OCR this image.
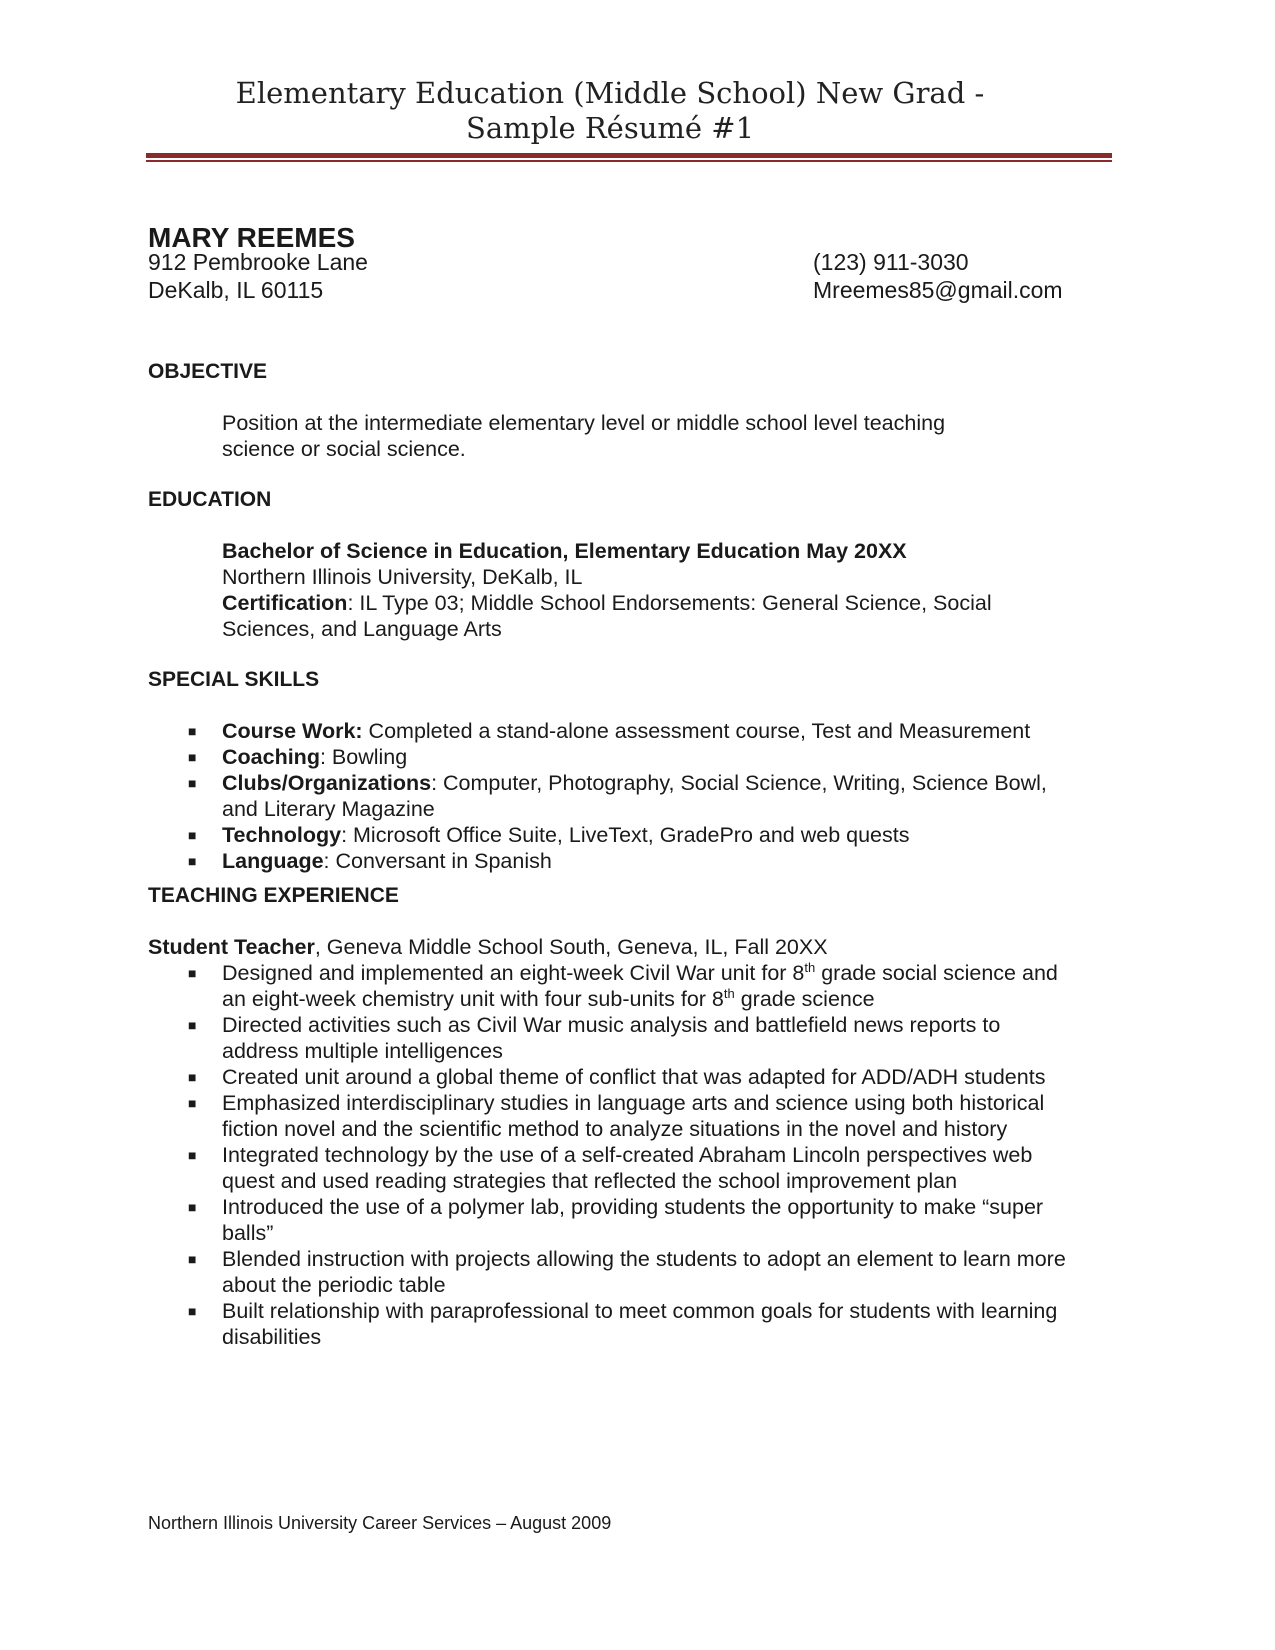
Elementary Education (Middle School) New Grad -
Sample Résumé #1
MARY REEMES
912 Pembrooke Lane
DeKalb, IL 60115
(123) 911-3030
Mreemes85@gmail.com
OBJECTIVE
Position at the intermediate elementary level or middle school level teaching
science or social science.
EDUCATION
Bachelor of Science in Education, Elementary Education May 20XX
Northern Illinois University, DeKalb, IL
Certification: IL Type 03; Middle School Endorsements: General Science, Social
Sciences, and Language Arts
SPECIAL SKILLS
■ Course Work: Completed a stand-alone assessment course, Test and Measurement
■ Coaching: Bowling
■ Clubs/Organizations: Computer, Photography, Social Science, Writing, Science Bowl,
and Literary Magazine
■ Technology: Microsoft Office Suite, LiveText, GradePro and web quests
■ Language: Conversant in Spanish
TEACHING EXPERIENCE
Student Teacher, Geneva Middle School South, Geneva, IL, Fall 20XX
■ Designed and implemented an eight-week Civil War unit for 8th grade social science and
an eight-week chemistry unit with four sub-units for 8th grade science
■ Directed activities such as Civil War music analysis and battlefield news reports to
address multiple intelligences
■ Created unit around a global theme of conflict that was adapted for ADD/ADH students
■ Emphasized interdisciplinary studies in language arts and science using both historical
fiction novel and the scientific method to analyze situations in the novel and history
■ Integrated technology by the use of a self-created Abraham Lincoln perspectives web
quest and used reading strategies that reflected the school improvement plan
■ Introduced the use of a polymer lab, providing students the opportunity to make “super
balls”
■ Blended instruction with projects allowing the students to adopt an element to learn more
about the periodic table
■ Built relationship with paraprofessional to meet common goals for students with learning
disabilities
Northern Illinois University Career Services – August 2009
